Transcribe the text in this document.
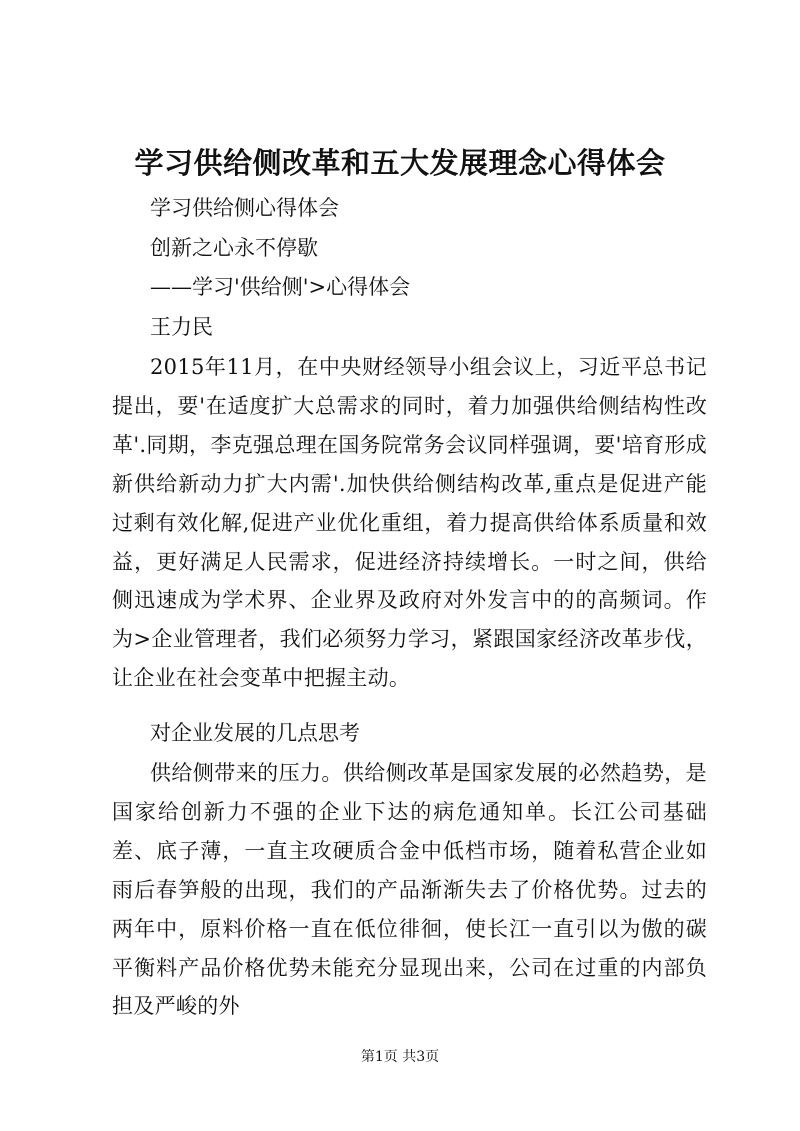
学习供给侧改革和五大发展理念心得体会
学习供给侧心得体会
创新之心永不停歇
——学习'供给侧'>心得体会
王力民
2015年11月，在中央财经领导小组会议上，习近平总书记提出，要'在适度扩大总需求的同时，着力加强供给侧结构性改革'.同期，李克强总理在国务院常务会议同样强调，要'培育形成新供给新动力扩大内需'.加快供给侧结构改革,重点是促进产能过剩有效化解,促进产业优化重组，着力提高供给体系质量和效益，更好满足人民需求，促进经济持续增长。一时之间，供给侧迅速成为学术界、企业界及政府对外发言中的的高频词。作为>企业管理者，我们必须努力学习，紧跟国家经济改革步伐，让企业在社会变革中把握主动。
对企业发展的几点思考
供给侧带来的压力。供给侧改革是国家发展的必然趋势，是国家给创新力不强的企业下达的病危通知单。长江公司基础差、底子薄，一直主攻硬质合金中低档市场，随着私营企业如雨后春笋般的出现，我们的产品渐渐失去了价格优势。过去的两年中，原料价格一直在低位徘徊，使长江一直引以为傲的碳平衡料产品价格优势未能充分显现出来，公司在过重的内部负担及严峻的外
第1页 共3页
